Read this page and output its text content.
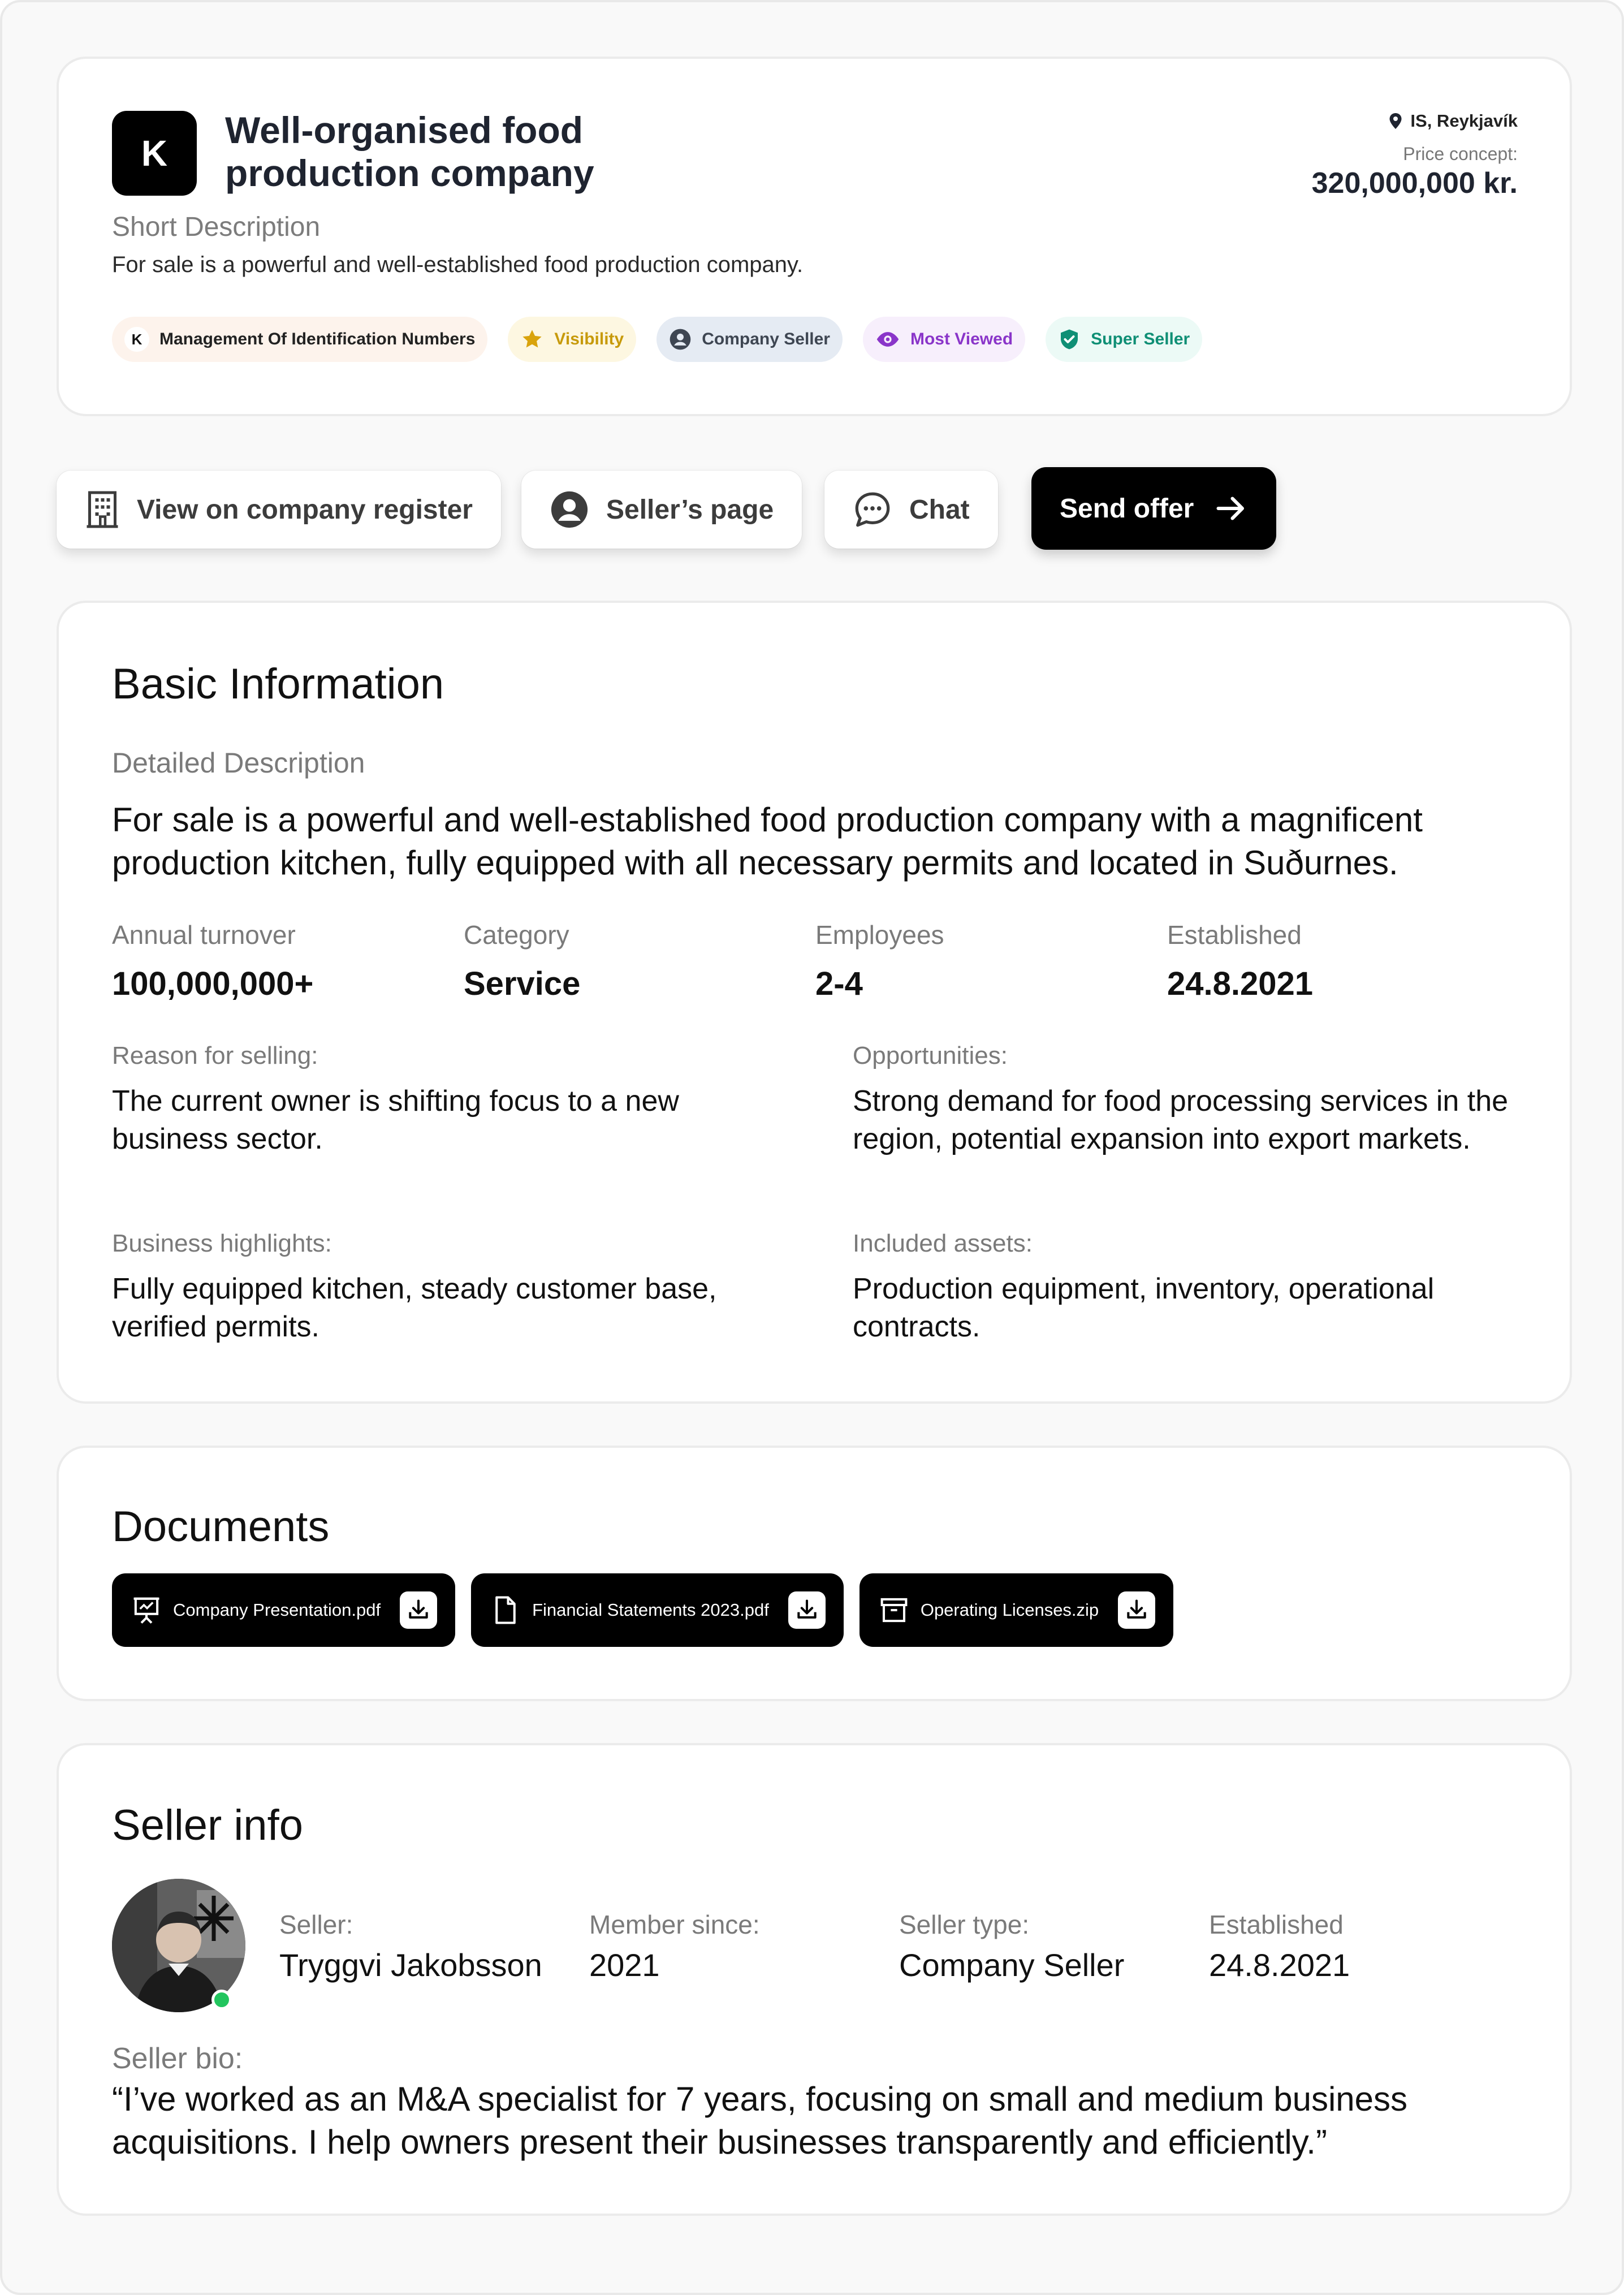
K
Well-organised food production company
Short Description
For sale is a powerful and well-established food production company.
IS, Reykjavík
Price concept:
320,000,000 kr.
K	Management Of Identification Numbers	Visibility	Company Seller	Most Viewed	Super Seller
View on company register	Seller’s page	Chat	Send offer
Basic Information
Detailed Description
For sale is a powerful and well-established food production company with a magnificent production kitchen, fully equipped with all necessary permits and located in Suðurnes.
Annual turnover
100,000,000+
Category
Service
Employees
2-4
Established
24.8.2021
Reason for selling:
The current owner is shifting focus to a new business sector.
Opportunities:
Strong demand for food processing services in the region, potential expansion into export markets.
Business highlights:
Fully equipped kitchen, steady customer base, verified permits.
Included assets:
Production equipment, inventory, operational contracts.
Documents
Company Presentation.pdf	Financial Statements 2023.pdf	Operating Licenses.zip
Seller info
Seller:
Tryggvi Jakobsson
Member since:
2021
Seller type:
Company Seller
Established
24.8.2021
Seller bio:
“I’ve worked as an M&A specialist for 7 years, focusing on small and medium business acquisitions. I help owners present their businesses transparently and efficiently.”
